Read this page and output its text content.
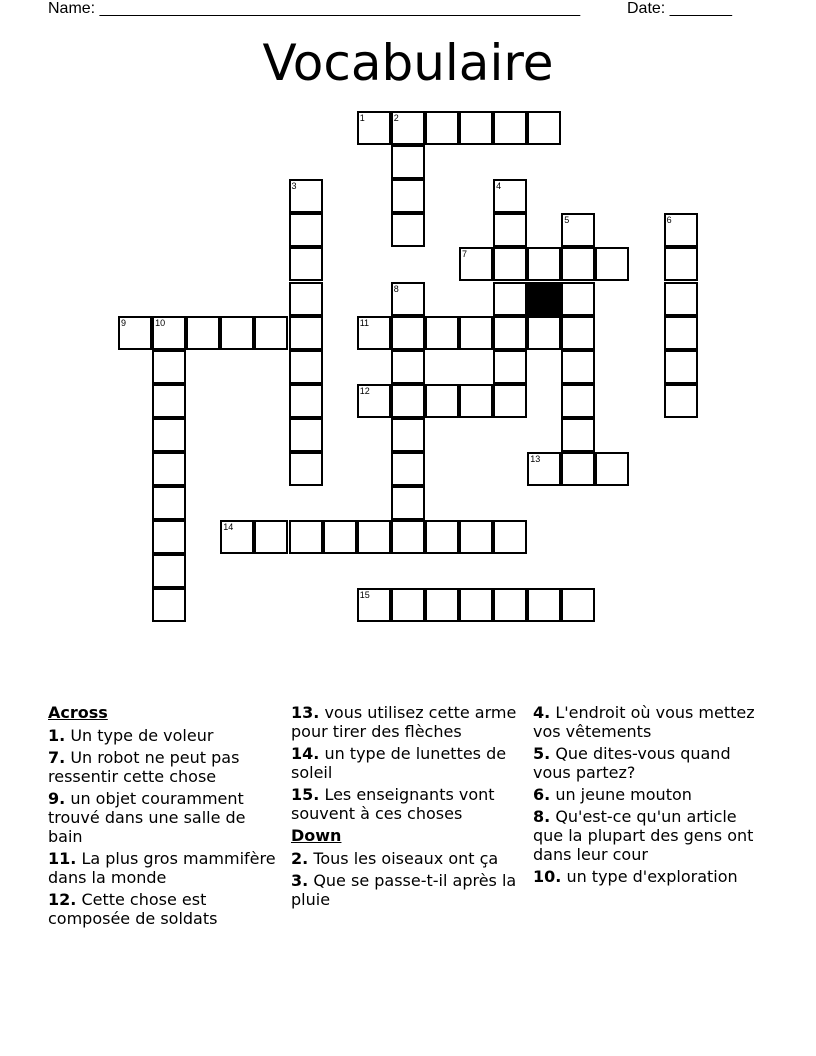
Name: ______________________________________________________	Date: _______
Vocabulaire
1	2
3	4
5	6
7
8
9	10	11
12
13
14
15
Across
1. Un type de voleur
7. Un robot ne peut pas ressentir cette chose
9. un objet couramment trouvé dans une salle de bain
11. La plus gros mammifère dans la monde
12. Cette chose est composée de soldats
13. vous utilisez cette arme pour tirer des flèches
14. un type de lunettes de soleil
15. Les enseignants vont souvent à ces choses
Down
2. Tous les oiseaux ont ça
3. Que se passe-t-il après la pluie
4. L'endroit où vous mettez vos vêtements
5. Que dites-vous quand vous partez?
6. un jeune mouton
8. Qu'est-ce qu'un article que la plupart des gens ont dans leur cour
10. un type d'exploration
